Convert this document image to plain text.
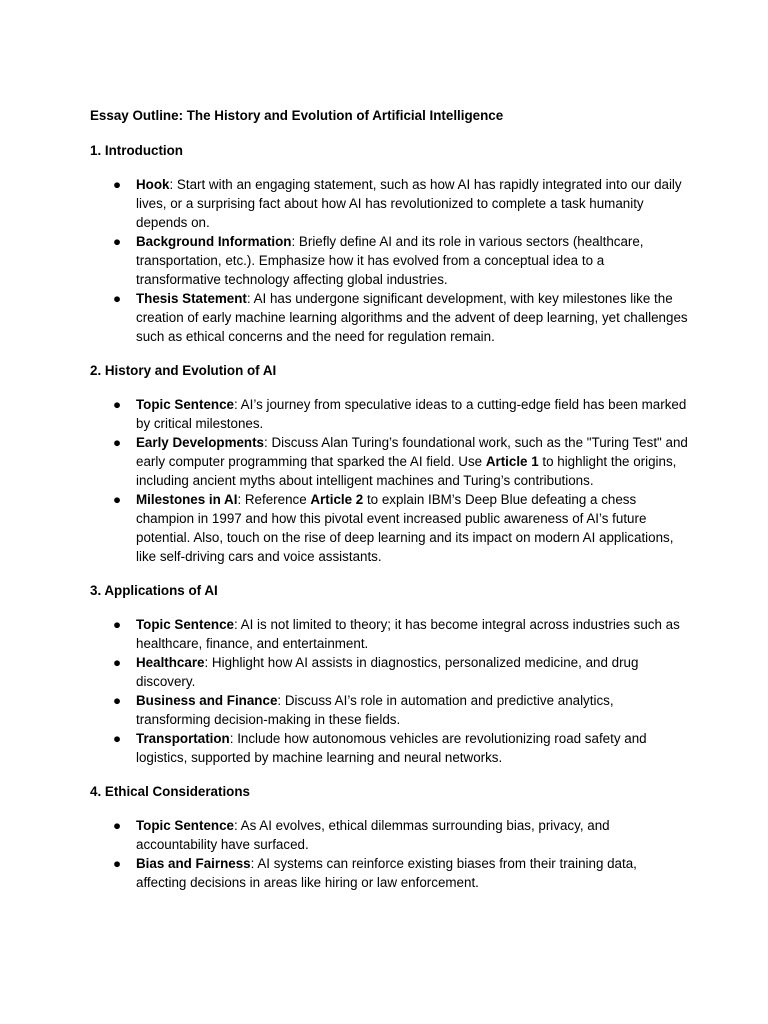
Essay Outline: The History and Evolution of Artificial Intelligence

1. Introduction

● Hook: Start with an engaging statement, such as how AI has rapidly integrated into our daily lives, or a surprising fact about how AI has revolutionized to complete a task humanity depends on.
● Background Information: Briefly define AI and its role in various sectors (healthcare, transportation, etc.). Emphasize how it has evolved from a conceptual idea to a transformative technology affecting global industries.
● Thesis Statement: AI has undergone significant development, with key milestones like the creation of early machine learning algorithms and the advent of deep learning, yet challenges such as ethical concerns and the need for regulation remain.

2. History and Evolution of AI

● Topic Sentence: AI’s journey from speculative ideas to a cutting-edge field has been marked by critical milestones.
● Early Developments: Discuss Alan Turing’s foundational work, such as the "Turing Test" and early computer programming that sparked the AI field. Use Article 1 to highlight the origins, including ancient myths about intelligent machines and Turing’s contributions.
● Milestones in AI: Reference Article 2 to explain IBM’s Deep Blue defeating a chess champion in 1997 and how this pivotal event increased public awareness of AI’s future potential. Also, touch on the rise of deep learning and its impact on modern AI applications, like self-driving cars and voice assistants.

3. Applications of AI

● Topic Sentence: AI is not limited to theory; it has become integral across industries such as healthcare, finance, and entertainment.
● Healthcare: Highlight how AI assists in diagnostics, personalized medicine, and drug discovery.
● Business and Finance: Discuss AI’s role in automation and predictive analytics, transforming decision-making in these fields.
● Transportation: Include how autonomous vehicles are revolutionizing road safety and logistics, supported by machine learning and neural networks.

4. Ethical Considerations

● Topic Sentence: As AI evolves, ethical dilemmas surrounding bias, privacy, and accountability have surfaced.
● Bias and Fairness: AI systems can reinforce existing biases from their training data, affecting decisions in areas like hiring or law enforcement.
